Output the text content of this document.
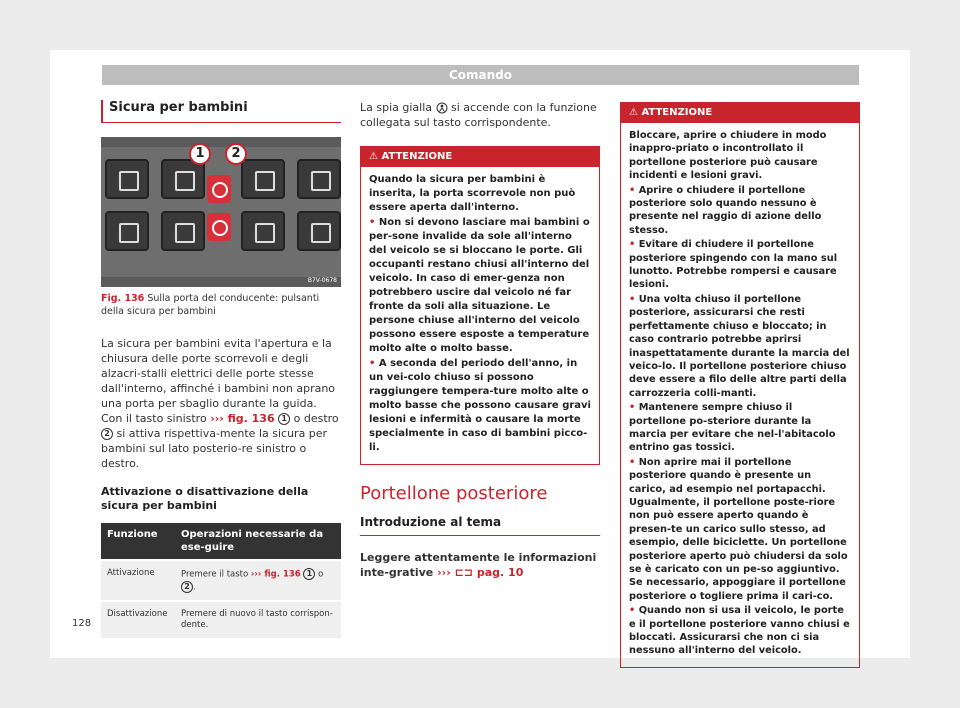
Comando
Sicura per bambini
1	2
B7V-0678
Fig. 136 Sulla porta del conducente: pulsanti della sicura per bambini
La sicura per bambini evita l'apertura e la chiusura delle porte scorrevoli e degli alzacri-stalli elettrici delle porte stesse dall'interno, affinché i bambini non aprano una porta per sbaglio durante la guida. Con il tasto sinistro ››› fig. 136 1 o destro 2 si attiva rispettiva-mente la sicura per bambini sul lato posterio-re sinistro o destro.
Attivazione o disattivazione della sicura per bambini
Funzione	Operazioni necessarie da ese-guire
Attivazione	Premere il tasto ››› fig. 136 1 o 2 .
Disattivazione	Premere di nuovo il tasto corrispon-dente.
La spia gialla si accende con la funzione collegata sul tasto corrispondente.
⚠ ATTENZIONE

Quando la sicura per bambini è inserita, la porta scorrevole non può essere aperta dall'interno.

• Non si devono lasciare mai bambini o per-sone invalide da sole all'interno del veicolo se si bloccano le porte. Gli occupanti restano chiusi all'interno del veicolo. In caso di emer-genza non potrebbero uscire dal veicolo né far fronte da soli alla situazione. Le persone chiuse all'interno del veicolo possono essere esposte a temperature molto alte o molto basse.

• A seconda del periodo dell'anno, in un vei-colo chiuso si possono raggiungere tempera-ture molto alte o molto basse che possono causare gravi lesioni e infermità o causare la morte specialmente in caso di bambini picco-li.

Portellone posteriore
Introduzione al tema
Leggere attentamente le informazioni inte-grative ››› ⊏⊐ pag. 10
⚠ ATTENZIONE

Bloccare, aprire o chiudere in modo inappro-priato o incontrollato il portellone posteriore può causare incidenti e lesioni gravi.

• Aprire o chiudere il portellone posteriore solo quando nessuno è presente nel raggio di azione dello stesso.

• Evitare di chiudere il portellone posteriore spingendo con la mano sul lunotto. Potrebbe rompersi e causare lesioni.

• Una volta chiuso il portellone posteriore, assicurarsi che resti perfettamente chiuso e bloccato; in caso contrario potrebbe aprirsi inaspettatamente durante la marcia del veico-lo. Il portellone posteriore chiuso deve essere a filo delle altre parti della carrozzeria colli-manti.

• Mantenere sempre chiuso il portellone po-steriore durante la marcia per evitare che nel-l'abitacolo entrino gas tossici.

• Non aprire mai il portellone posteriore quando è presente un carico, ad esempio nel portapacchi. Ugualmente, il portellone poste-riore non può essere aperto quando è presen-te un carico sullo stesso, ad esempio, delle biciclette. Un portellone posteriore aperto può chiudersi da solo se è caricato con un pe-so aggiuntivo. Se necessario, appoggiare il portellone posteriore o togliere prima il cari-co.

• Quando non si usa il veicolo, le porte e il portellone posteriore vanno chiusi e bloccati. Assicurarsi che non ci sia nessuno all'interno del veicolo.

128
